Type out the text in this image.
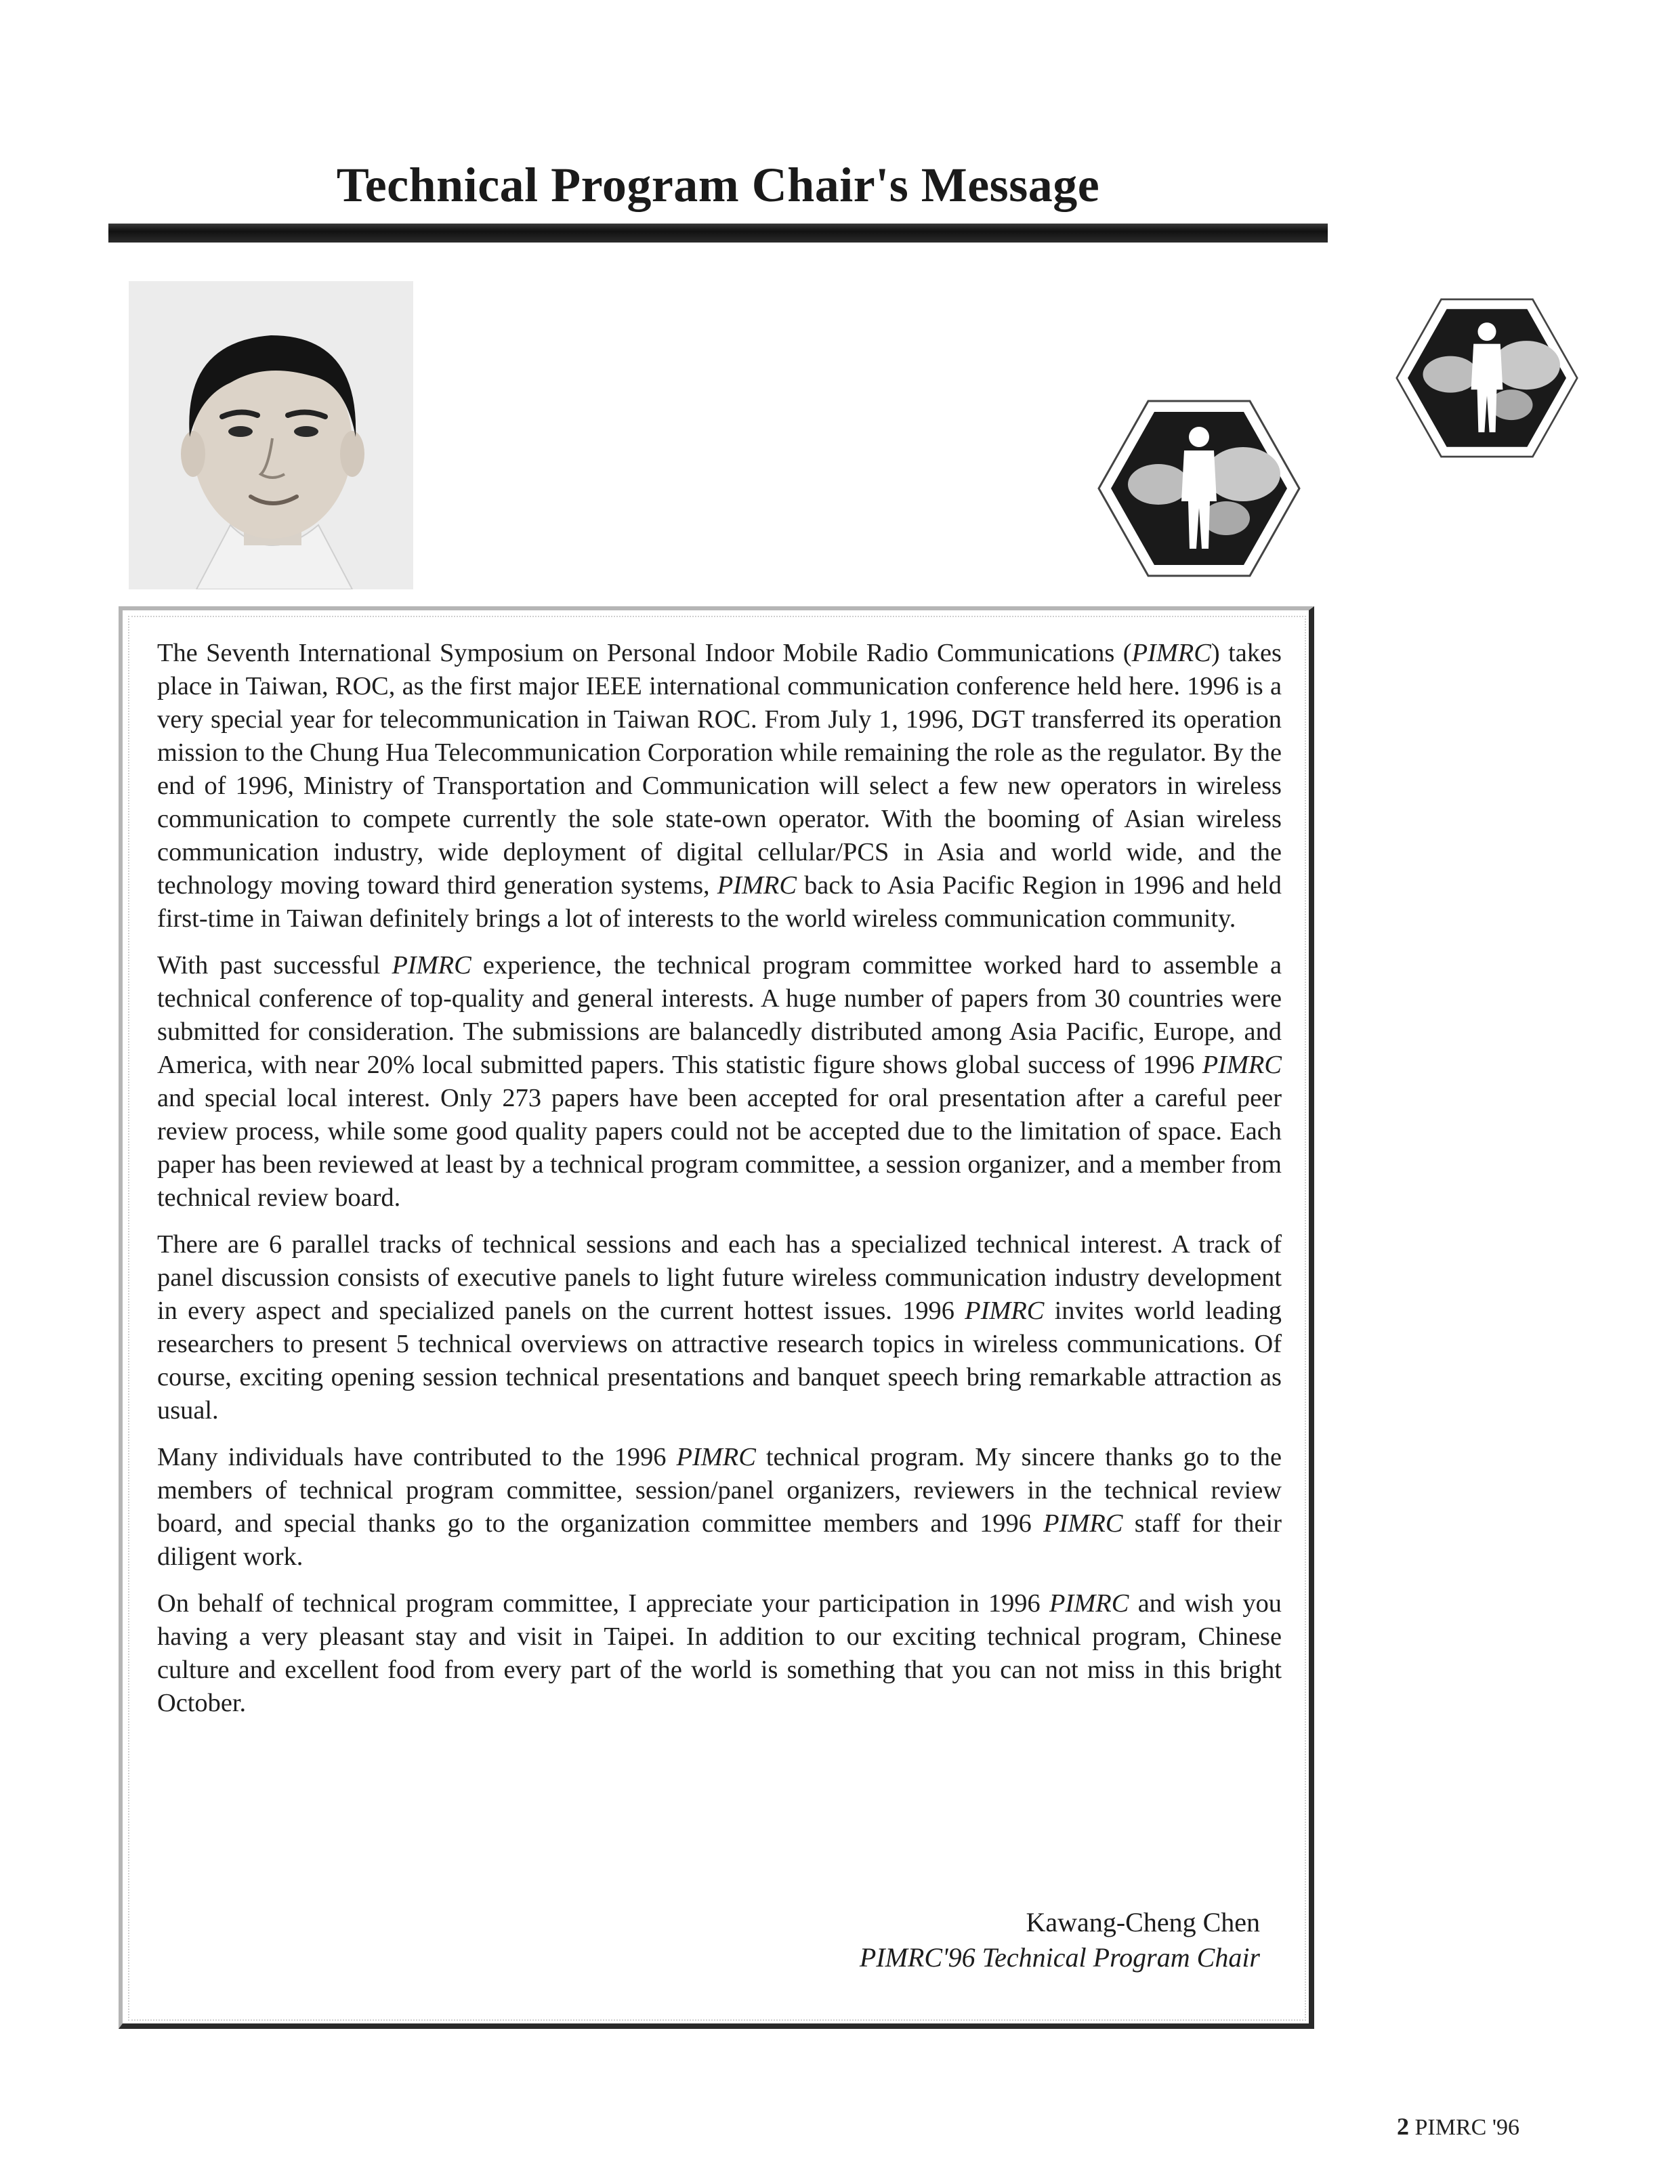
Technical Program Chair's Message

The Seventh International Symposium on Personal Indoor Mobile Radio Communications (PIMRC) takes place in Taiwan, ROC, as the first major IEEE international communication conference held here. 1996 is a very special year for telecommunication in Taiwan ROC. From July 1, 1996, DGT transferred its operation mission to the Chung Hua Telecommunication Corporation while remaining the role as the regulator. By the end of 1996, Ministry of Transportation and Communication will select a few new operators in wireless communication to compete currently the sole state-own operator. With the booming of Asian wireless communication industry, wide deployment of digital cellular/PCS in Asia and world wide, and the technology moving toward third generation systems, PIMRC back to Asia Pacific Region in 1996 and held first-time in Taiwan definitely brings a lot of interests to the world wireless communication community.

With past successful PIMRC experience, the technical program committee worked hard to assemble a technical conference of top-quality and general interests. A huge number of papers from 30 countries were submitted for consideration. The submissions are balancedly distributed among Asia Pacific, Europe, and America, with near 20% local submitted papers. This statistic figure shows global success of 1996 PIMRC and special local interest. Only 273 papers have been accepted for oral presentation after a careful peer review process, while some good quality papers could not be accepted due to the limitation of space. Each paper has been reviewed at least by a technical program committee, a session organizer, and a member from technical review board.

There are 6 parallel tracks of technical sessions and each has a specialized technical interest. A track of panel discussion consists of executive panels to light future wireless communication industry development in every aspect and specialized panels on the current hottest issues. 1996 PIMRC invites world leading researchers to present 5 technical overviews on attractive research topics in wireless communications. Of course, exciting opening session technical presentations and banquet speech bring remarkable attraction as usual.

Many individuals have contributed to the 1996 PIMRC technical program. My sincere thanks go to the members of technical program committee, session/panel organizers, reviewers in the technical review board, and special thanks go to the organization committee members and 1996 PIMRC staff for their diligent work.

On behalf of technical program committee, I appreciate your participation in 1996 PIMRC and wish you having a very pleasant stay and visit in Taipei. In addition to our exciting technical program, Chinese culture and excellent food from every part of the world is something that you can not miss in this bright October.

Kawang-Cheng Chen
PIMRC'96 Technical Program Chair
2 PIMRC '96
